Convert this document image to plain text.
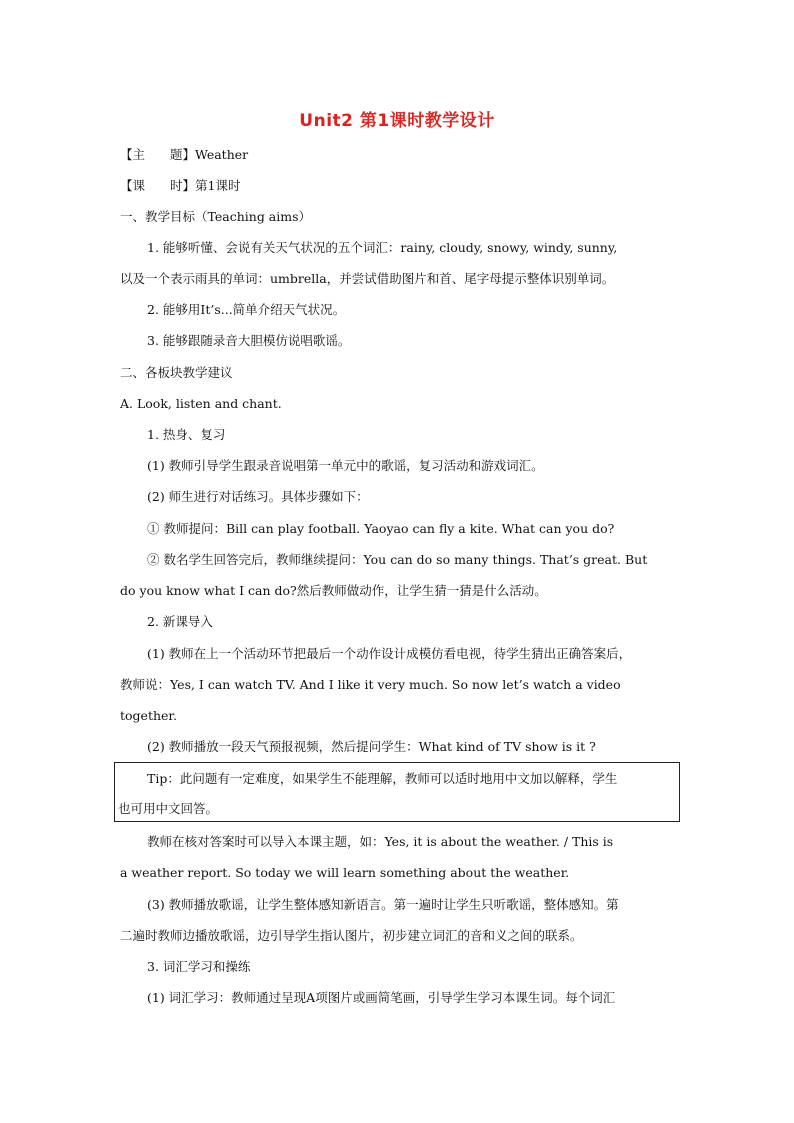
Unit2 第1课时教学设计
【主　　题】Weather
【课　　时】第1课时
一、教学目标（Teaching aims）
1. 能够听懂、会说有关天气状况的五个词汇：rainy, cloudy, snowy, windy, sunny,
以及一个表示雨具的单词：umbrella，并尝试借助图片和首、尾字母提示整体识别单词。
2. 能够用It’s...简单介绍天气状况。
3. 能够跟随录音大胆模仿说唱歌谣。
二、各板块教学建议
A. Look, listen and chant.
1. 热身、复习
(1) 教师引导学生跟录音说唱第一单元中的歌谣，复习活动和游戏词汇。
(2) 师生进行对话练习。具体步骤如下：
① 教师提问：Bill can play football. Yaoyao can fly a kite. What can you do?
② 数名学生回答完后，教师继续提问：You can do so many things. That’s great. But
do you know what I can do?然后教师做动作，让学生猜一猜是什么活动。
2. 新课导入
(1) 教师在上一个活动环节把最后一个动作设计成模仿看电视，待学生猜出正确答案后，
教师说：Yes, I can watch TV. And I like it very much. So now let’s watch a video
together.
(2) 教师播放一段天气预报视频，然后提问学生：What kind of TV show is it ?
Tip：此问题有一定难度，如果学生不能理解，教师可以适时地用中文加以解释，学生
也可用中文回答。
教师在核对答案时可以导入本课主题，如：Yes, it is about the weather. / This is
a weather report. So today we will learn something about the weather.
(3) 教师播放歌谣，让学生整体感知新语言。第一遍时让学生只听歌谣，整体感知。第
二遍时教师边播放歌谣，边引导学生指认图片，初步建立词汇的音和义之间的联系。
3. 词汇学习和操练
(1) 词汇学习：教师通过呈现A项图片或画简笔画，引导学生学习本课生词。每个词汇
